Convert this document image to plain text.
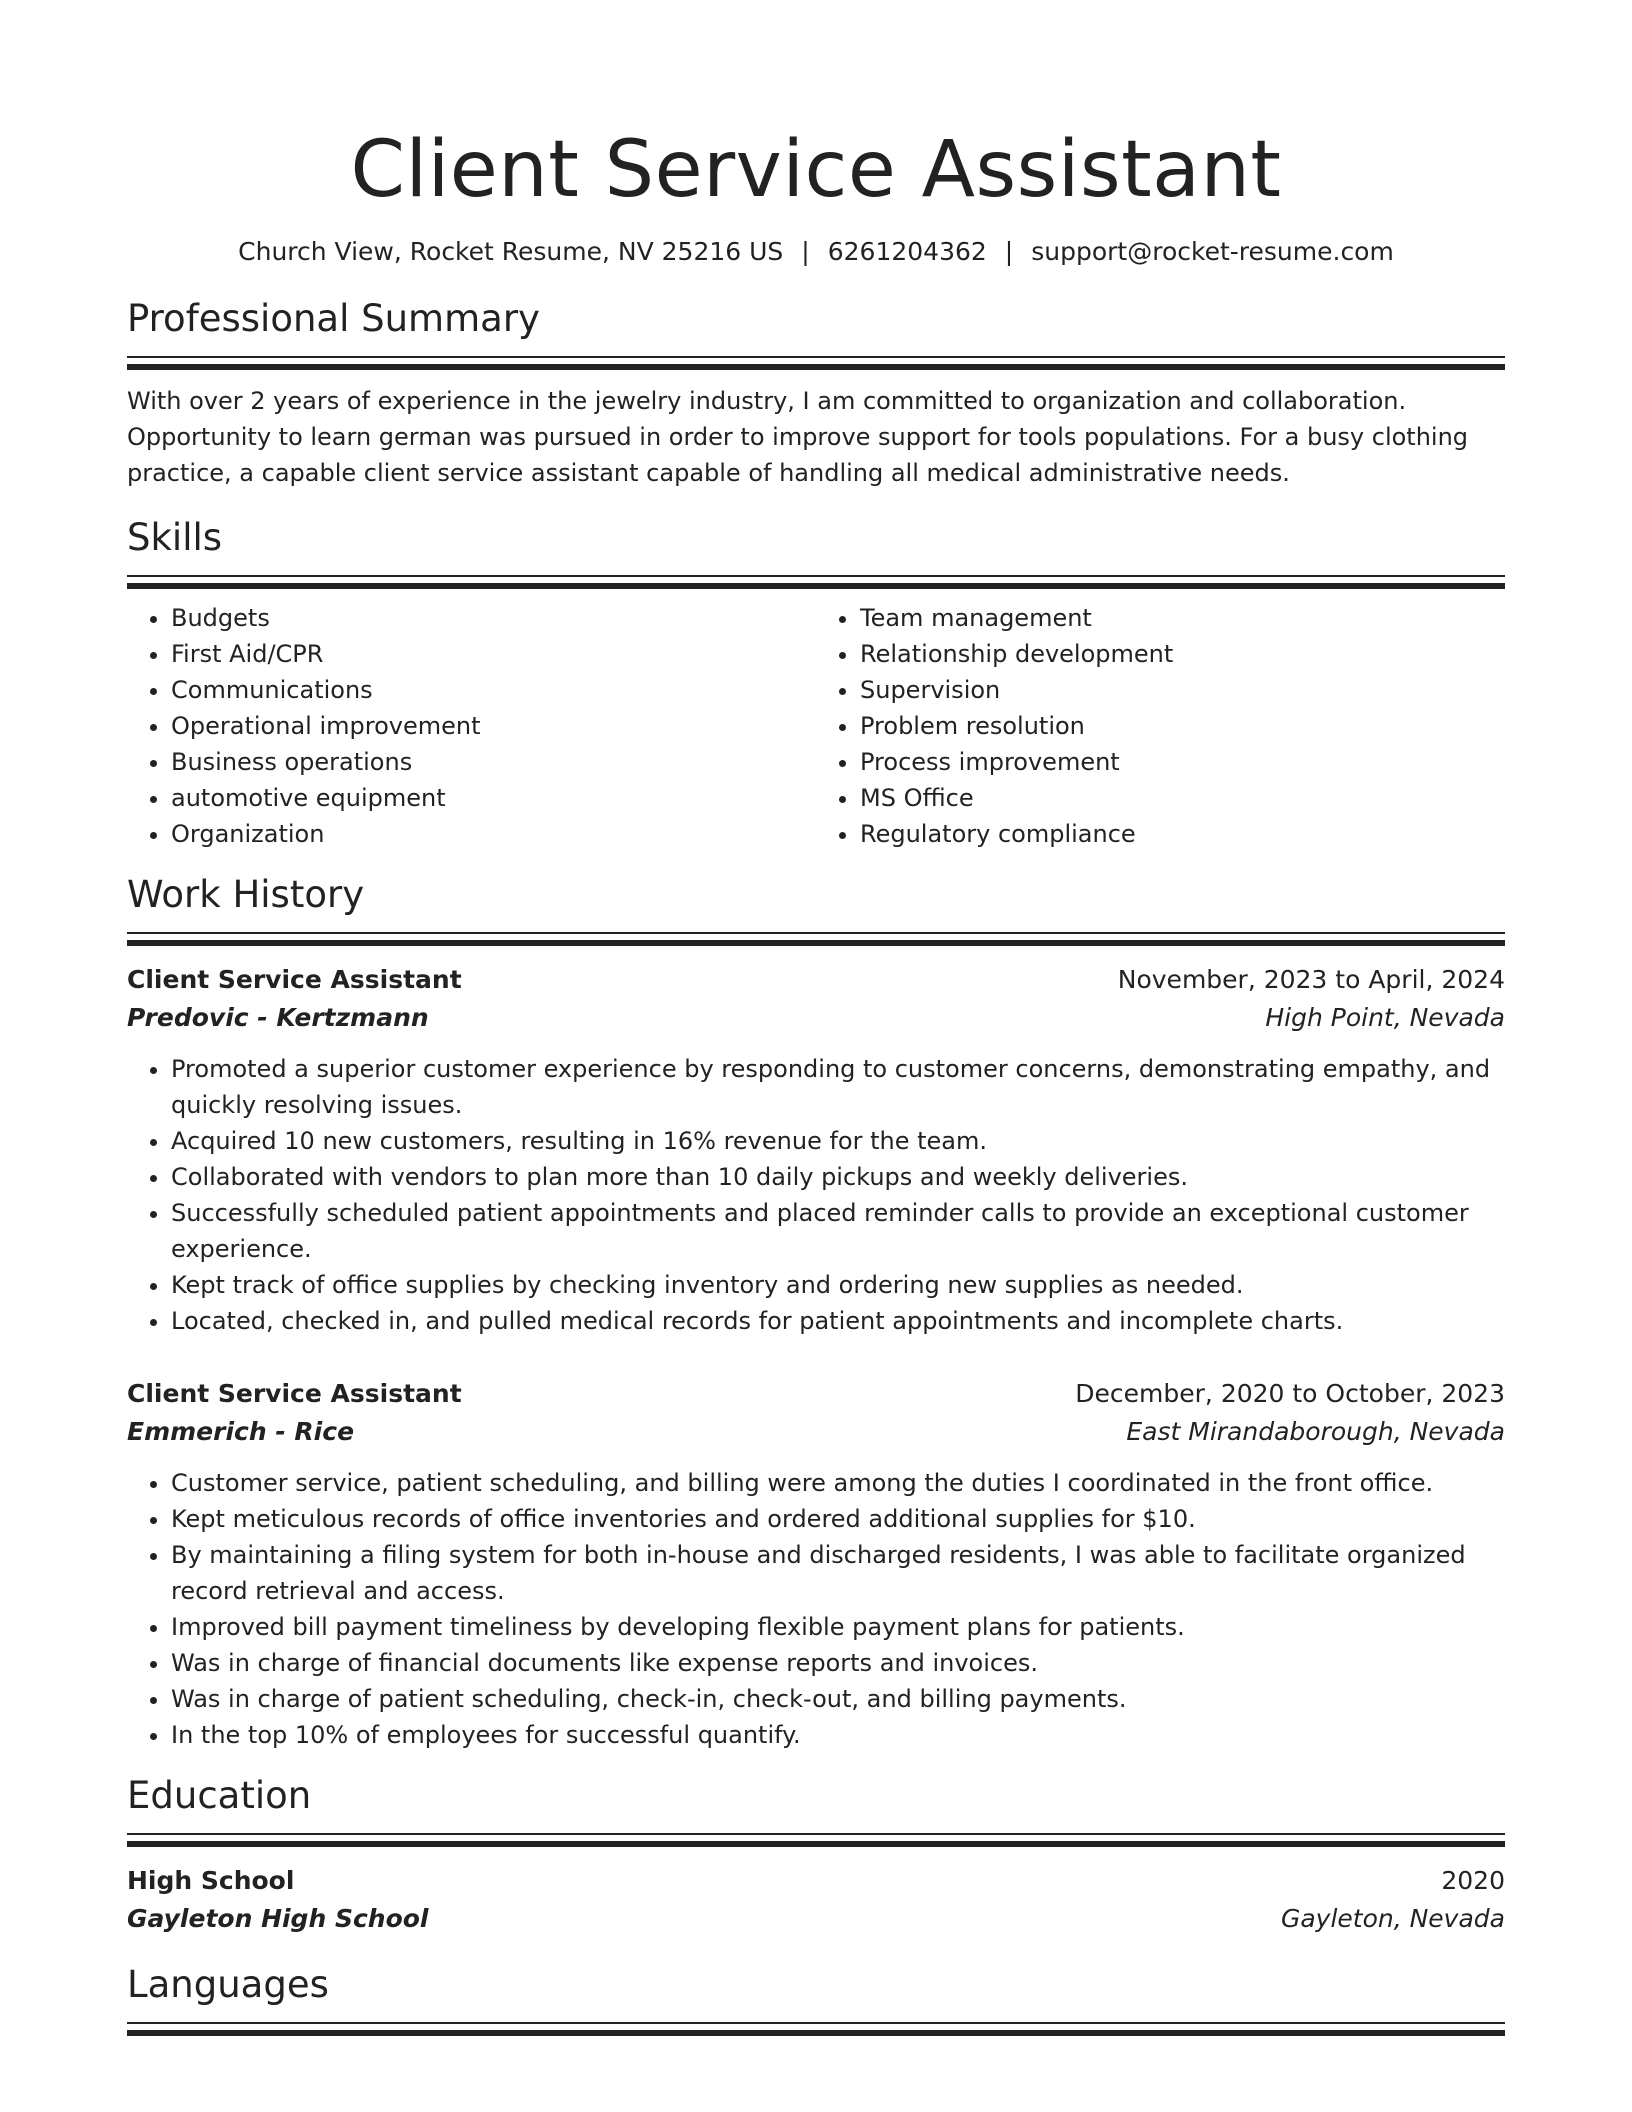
Client Service Assistant
Church View, Rocket Resume, NV 25216 US | 6261204362 | support@rocket-resume.com
Professional Summary
With over 2 years of experience in the jewelry industry, I am committed to organization and collaboration. Opportunity to learn german was pursued in order to improve support for tools populations. For a busy clothing practice, a capable client service assistant capable of handling all medical administrative needs.
Skills
• Budgets
• First Aid/CPR
• Communications
• Operational improvement
• Business operations
• automotive equipment
• Organization
• Team management
• Relationship development
• Supervision
• Problem resolution
• Process improvement
• MS Office
• Regulatory compliance
Work History
Client Service Assistant	November, 2023 to April, 2024
Predovic - Kertzmann	High Point, Nevada
• Promoted a superior customer experience by responding to customer concerns, demonstrating empathy, and quickly resolving issues.
• Acquired 10 new customers, resulting in 16% revenue for the team.
• Collaborated with vendors to plan more than 10 daily pickups and weekly deliveries.
• Successfully scheduled patient appointments and placed reminder calls to provide an exceptional customer experience.
• Kept track of office supplies by checking inventory and ordering new supplies as needed.
• Located, checked in, and pulled medical records for patient appointments and incomplete charts.
Client Service Assistant	December, 2020 to October, 2023
Emmerich - Rice	East Mirandaborough, Nevada
• Customer service, patient scheduling, and billing were among the duties I coordinated in the front office.
• Kept meticulous records of office inventories and ordered additional supplies for $10.
• By maintaining a filing system for both in-house and discharged residents, I was able to facilitate organized record retrieval and access.
• Improved bill payment timeliness by developing flexible payment plans for patients.
• Was in charge of financial documents like expense reports and invoices.
• Was in charge of patient scheduling, check-in, check-out, and billing payments.
• In the top 10% of employees for successful quantify.
Education
High School	2020
Gayleton High School	Gayleton, Nevada
Languages
